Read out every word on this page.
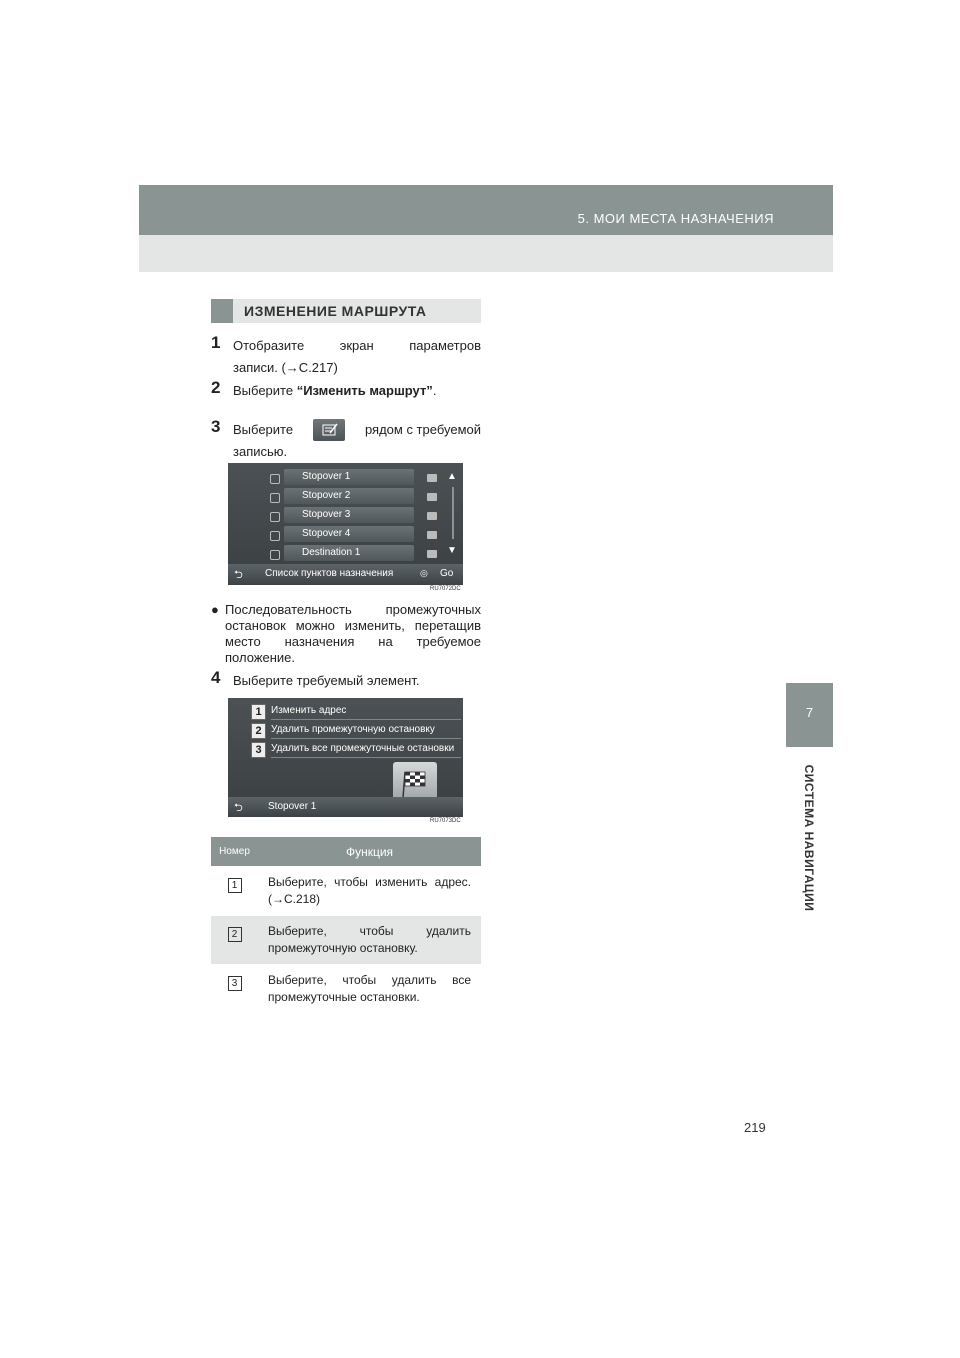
5. МОИ МЕСТА НАЗНАЧЕНИЯ
7
СИСТЕМА НАВИГАЦИИ
ИЗМЕНЕНИЕ МАРШРУТА
1 Отобразите экран параметров
записи. (→С.217)
2 Выберите “Изменить маршрут”.
3 Выберите	рядом с требуемой
записью.
Stopover 1
Stopover 2
Stopover 3
Stopover 4
Destination 1
▲
▼
⮌ Список пунктов назначения	◎ Go
RU7072DC
● Последовательность промежуточных остановок можно изменить, перетащив место назначения на требуемое положение.
4 Выберите требуемый элемент.
1 Изменить адрес
2 Удалить промежуточную остановку
3 Удалить все промежуточные остановки
⮌	Stopover 1
RU7073DC
Номер	Функция
1	Выберите, чтобы изменить адрес. (→С.218)
2	Выберите, чтобы удалить промежуточную остановку.
3	Выберите, чтобы удалить все промежуточные остановки.
219
